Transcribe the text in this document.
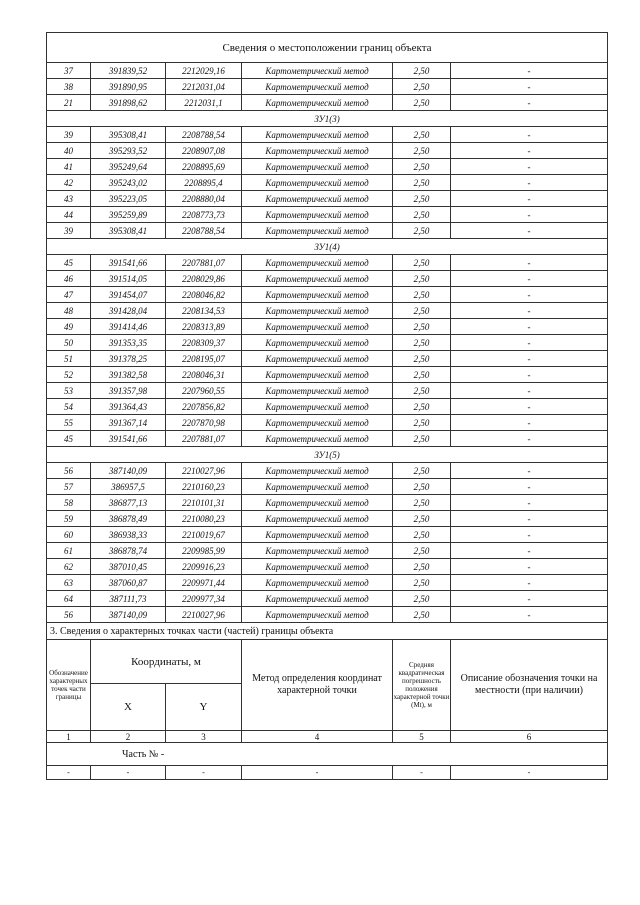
Сведения о местоположении границ объекта					
37	391839,52	2212029,16	Картометрический метод	2,50	-
38	391890,95	2212031,04	Картометрический метод	2,50	-
21	391898,62	2212031,1	Картометрический метод	2,50	-
ЗУ1(3)					
39	395308,41	2208788,54	Картометрический метод	2,50	-
40	395293,52	2208907,08	Картометрический метод	2,50	-
41	395249,64	2208895,69	Картометрический метод	2,50	-
42	395243,02	2208895,4	Картометрический метод	2,50	-
43	395223,05	2208880,04	Картометрический метод	2,50	-
44	395259,89	2208773,73	Картометрический метод	2,50	-
39	395308,41	2208788,54	Картометрический метод	2,50	-
ЗУ1(4)					
45	391541,66	2207881,07	Картометрический метод	2,50	-
46	391514,05	2208029,86	Картометрический метод	2,50	-
47	391454,07	2208046,82	Картометрический метод	2,50	-
48	391428,04	2208134,53	Картометрический метод	2,50	-
49	391414,46	2208313,89	Картометрический метод	2,50	-
50	391353,35	2208309,37	Картометрический метод	2,50	-
51	391378,25	2208195,07	Картометрический метод	2,50	-
52	391382,58	2208046,31	Картометрический метод	2,50	-
53	391357,98	2207960,55	Картометрический метод	2,50	-
54	391364,43	2207856,82	Картометрический метод	2,50	-
55	391367,14	2207870,98	Картометрический метод	2,50	-
45	391541,66	2207881,07	Картометрический метод	2,50	-
ЗУ1(5)					
56	387140,09	2210027,96	Картометрический метод	2,50	-
57	386957,5	2210160,23	Картометрический метод	2,50	-
58	386877,13	2210101,31	Картометрический метод	2,50	-
59	386878,49	2210080,23	Картометрический метод	2,50	-
60	386938,33	2210019,67	Картометрический метод	2,50	-
61	386878,74	2209985,99	Картометрический метод	2,50	-
62	387010,45	2209916,23	Картометрический метод	2,50	-
63	387060,87	2209971,44	Картометрический метод	2,50	-
64	387111,73	2209977,34	Картометрический метод	2,50	-
56	387140,09	2210027,96	Картометрический метод	2,50	-
3. Сведения о характерных точках части (частей) границы объекта					
Обозначение характерных точек части границы	Координаты, м		Метод определения координат характерной точки	Средняя квадратическая погрешность положения характерной точки (Mt), м	Описание обозначения точки на местности (при наличии)
	X	Y			
1	2	3	4	5	6
Часть № -					
-	-	-	-	-	-
